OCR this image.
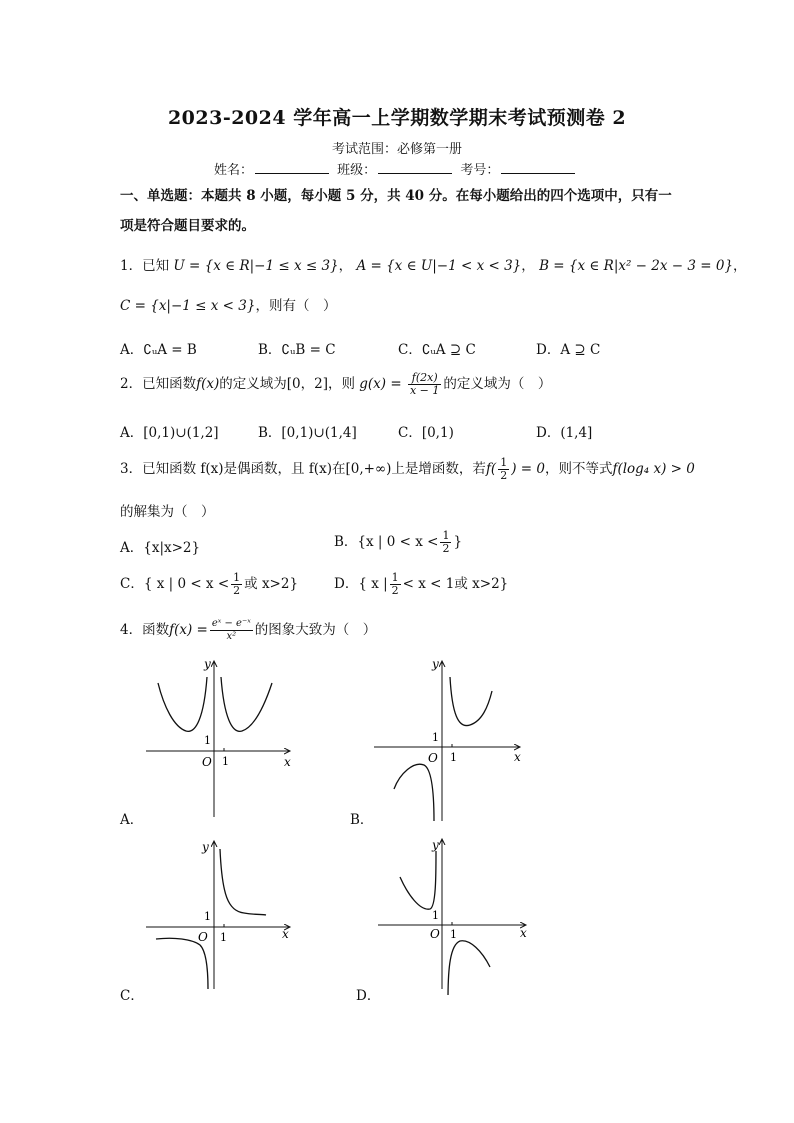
2023-2024 学年高一上学期数学期末考试预测卷 2
考试范围：必修第一册
姓名：	班级：	考号：
一、单选题：本题共 8 小题，每小题 5 分，共 40 分。在每小题给出的四个选项中，只有一项是符合题目要求的。
1．已知 U = {x ∈ R|−1 ≤ x ≤ 3}， A = {x ∈ U|−1 < x < 3}， B = {x ∈ R|x² − 2x − 3 = 0}，
C = {x|−1 ≤ x < 3}，则有（　）
A．∁ᵤA = B	B．∁ᵤB = C	C．∁ᵤA ⊇ C	D．A ⊇ C
2．已知函数f(x)的定义域为[0，2]，则 $g(x) = \frac{f(2x)}{x - 1}$ 的定义域为（　）
A．[0,1)∪(1,2]	B．[0,1)∪(1,4]	C．[0,1)	D．(1,4]
3．已知函数 f(x)是偶函数，且 f(x)在[0,+∞)上是增函数，若$f( \frac{1}{2}$ ) = 0，则不等式f(log₄ x) > 0
的解集为（　）
A．{x|x>2}	B．{x | $0 < x < \frac{1}{2}$ }
C．{ x | $0 < x < \frac{1}{2}$ 或 x>2}	D．{ x | $\frac{1}{2} < x < 1$或 x>2}
4．函数$f(x) = \frac{\text{eˣ − e⁻ˣ}}{\text{x²}}$ 的图象大致为（　）
x
y
O 1
1
A．
x
y
O 1
1
B．
x
y
O 1
1
C．
x
y
O 1
1
D．
